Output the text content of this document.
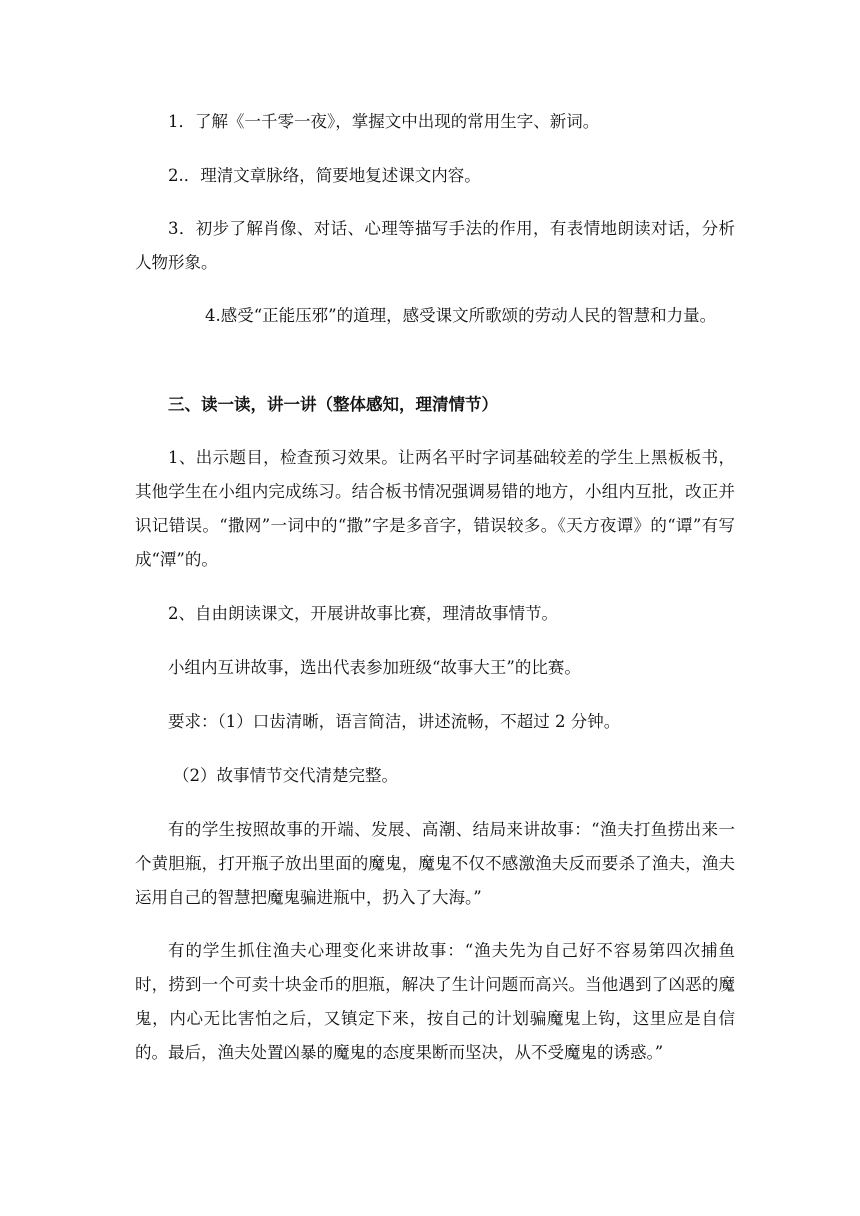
1．了解《一千零一夜》，掌握文中出现的常用生字、新词。

2.．理清文章脉络，简要地复述课文内容。

3．初步了解肖像、对话、心理等描写手法的作用，有表情地朗读对话，分析人物形象。

4.感受“正能压邪”的道理，感受课文所歌颂的劳动人民的智慧和力量。

三、读一读，讲一讲（整体感知，理清情节）

1、出示题目，检查预习效果。让两名平时字词基础较差的学生上黑板板书，其他学生在小组内完成练习。结合板书情况强调易错的地方，小组内互批，改正并识记错误。“撒网”一词中的“撒”字是多音字，错误较多。《天方夜谭》的“谭”有写成“潭”的。

2、自由朗读课文，开展讲故事比赛，理清故事情节。

小组内互讲故事，选出代表参加班级“故事大王”的比赛。

要求：（1）口齿清晰，语言简洁，讲述流畅，不超过 2 分钟。

（2）故事情节交代清楚完整。

有的学生按照故事的开端、发展、高潮、结局来讲故事：“渔夫打鱼捞出来一个黄胆瓶，打开瓶子放出里面的魔鬼，魔鬼不仅不感激渔夫反而要杀了渔夫，渔夫运用自己的智慧把魔鬼骗进瓶中，扔入了大海。”

有的学生抓住渔夫心理变化来讲故事：“渔夫先为自己好不容易第四次捕鱼时，捞到一个可卖十块金币的胆瓶，解决了生计问题而高兴。当他遇到了凶恶的魔鬼，内心无比害怕之后，又镇定下来，按自己的计划骗魔鬼上钩，这里应是自信的。最后，渔夫处置凶暴的魔鬼的态度果断而坚决，从不受魔鬼的诱惑。”
